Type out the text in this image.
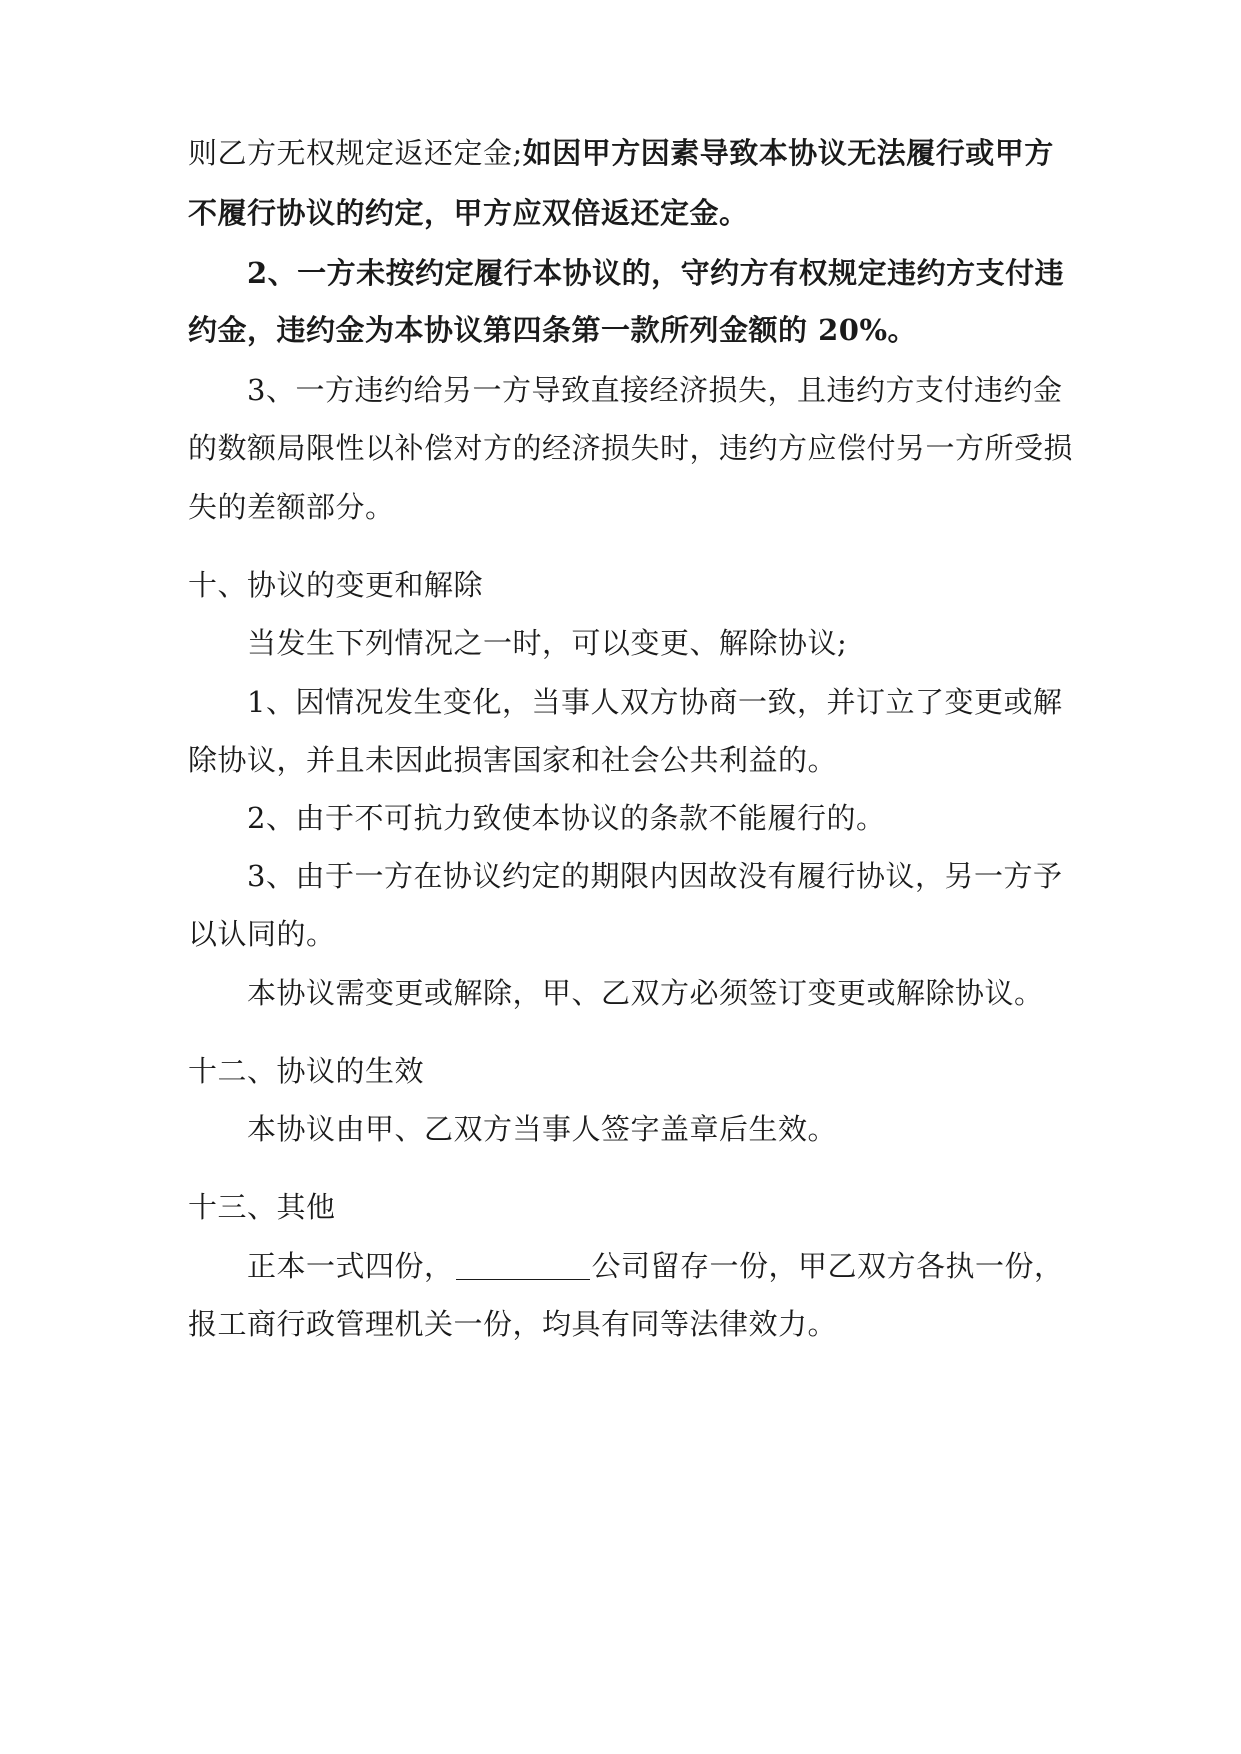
则乙方无权规定返还定金;如因甲方因素导致本协议无法履行或甲方
不履行协议的约定，甲方应双倍返还定金。
2、一方未按约定履行本协议的，守约方有权规定违约方支付违
约金，违约金为本协议第四条第一款所列金额的 20%。
3、一方违约给另一方导致直接经济损失，且违约方支付违约金
的数额局限性以补偿对方的经济损失时，违约方应偿付另一方所受损
失的差额部分。
十、协议的变更和解除
当发生下列情况之一时，可以变更、解除协议;
1、因情况发生变化，当事人双方协商一致，并订立了变更或解
除协议，并且未因此损害国家和社会公共利益的。
2、由于不可抗力致使本协议的条款不能履行的。
3、由于一方在协议约定的期限内因故没有履行协议，另一方予
以认同的。
本协议需变更或解除，甲、乙双方必须签订变更或解除协议。
十二、协议的生效
本协议由甲、乙双方当事人签字盖章后生效。
十三、其他
正本一式四份，	公司留存一份，甲乙双方各执一份，
报工商行政管理机关一份，均具有同等法律效力。
